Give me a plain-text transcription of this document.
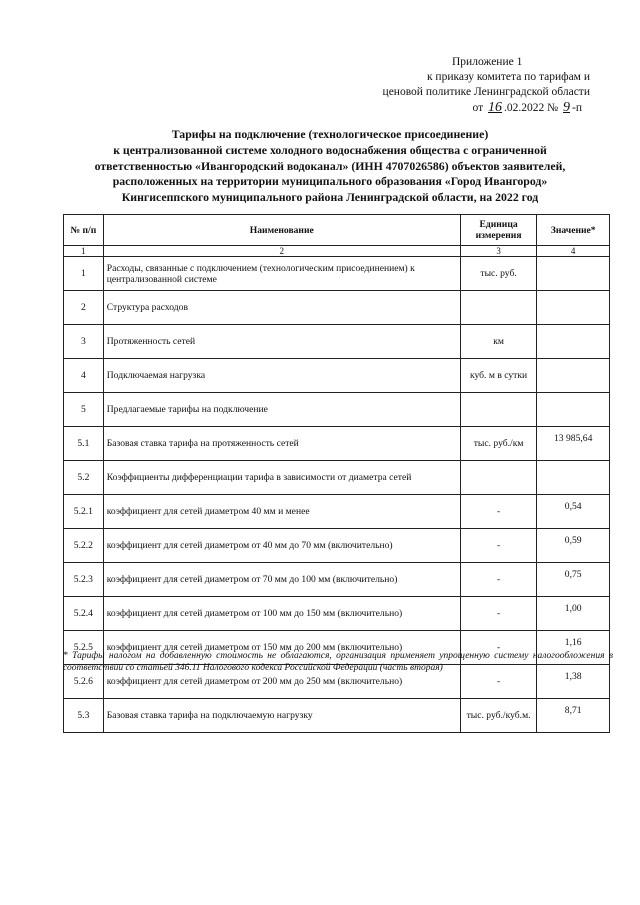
Приложение 1
к приказу комитета по тарифам и
ценовой политике Ленинградской области
от 16 .02.2022 № 9 -п
Тарифы на подключение (технологическое присоединение)
к централизованной системе холодного водоснабжения общества с ограниченной
ответственностью «Ивангородский водоканал» (ИНН 4707026586) объектов заявителей,
расположенных на территории муниципального образования «Город Ивангород»
Кингисеппского муниципального района Ленинградской области, на 2022 год
№ п/п	Наименование	Единица измерения	Значение*
1	2	3	4
1	Расходы, связанные с подключением (технологическим присоединением) к централизованной системе	тыс. руб.	
2	Структура расходов		
3	Протяженность сетей	км	
4	Подключаемая нагрузка	куб. м в сутки	
5	Предлагаемые тарифы на подключение		
5.1	Базовая ставка тарифа на протяженность сетей	тыс. руб./км	13 985,64
5.2	Коэффициенты дифференциации тарифа в зависимости от диаметра сетей		
5.2.1	коэффициент для сетей диаметром 40 мм и менее	-	0,54
5.2.2	коэффициент для сетей диаметром от 40 мм до 70 мм (включительно)	-	0,59
5.2.3	коэффициент для сетей диаметром от 70 мм до 100 мм (включительно)	-	0,75
5.2.4	коэффициент для сетей диаметром от 100 мм до 150 мм (включительно)	-	1,00
5.2.5	коэффициент для сетей диаметром от 150 мм до 200 мм (включительно)	-	1,16
5.2.6	коэффициент для сетей диаметром от 200 мм до 250 мм (включительно)	-	1,38
5.3	Базовая ставка тарифа на подключаемую нагрузку	тыс. руб./куб.м.	8,71
* Тарифы налогом на добавленную стоимость не облагаются, организация применяет упрощенную систему налогообложения в соответствии со статьей 346.11 Налогового кодекса Российской Федерации (часть вторая)
